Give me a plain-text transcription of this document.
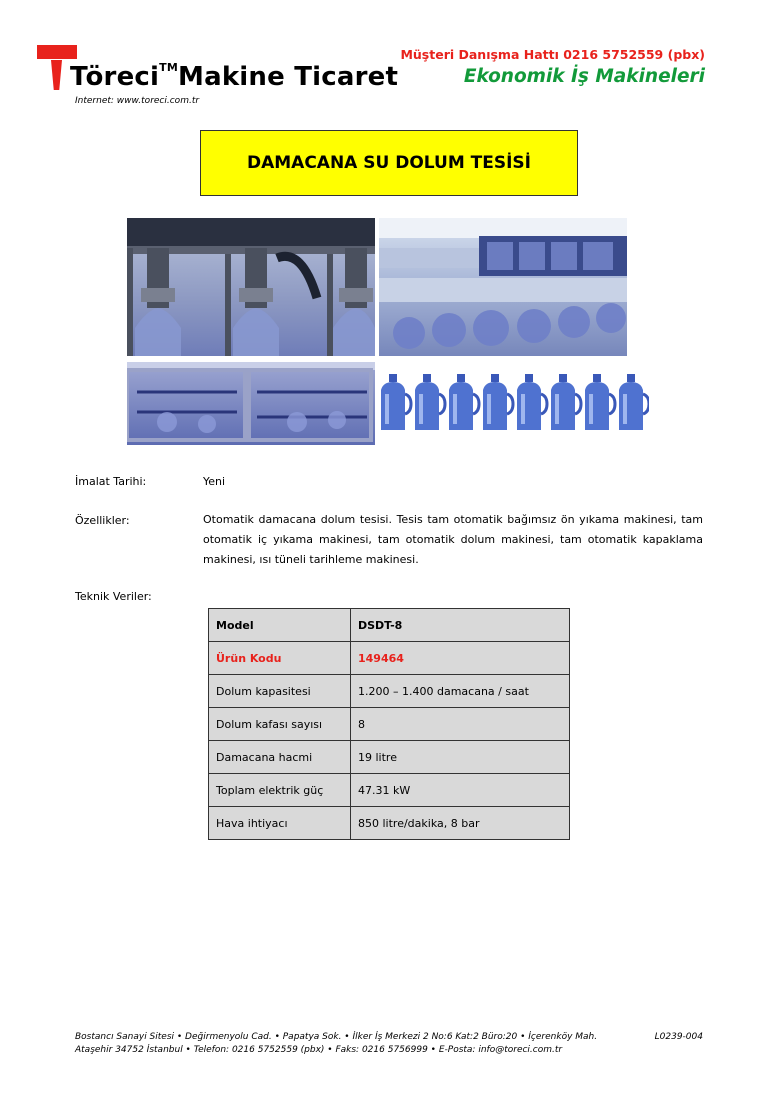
Töreci™Makine Ticaret
Internet: www.toreci.com.tr
Müşteri Danışma Hattı 0216 5752559 (pbx)
Ekonomik İş Makineleri
DAMACANA SU DOLUM TESİSİ
İmalat Tarihi:	Yeni
Özellikler:	Otomatik damacana dolum tesisi. Tesis tam otomatik bağımsız ön yıkama makinesi, tam otomatik iç yıkama makinesi, tam otomatik dolum makinesi, tam otomatik kapaklama makinesi, ısı tüneli tarihleme makinesi.
Teknik Veriler:
Model	DSDT-8
Ürün Kodu	149464
Dolum kapasitesi	1.200 – 1.400 damacana / saat
Dolum kafası sayısı	8
Damacana hacmi	19 litre
Toplam elektrik güç	47.31 kW
Hava ihtiyacı	850 litre/dakika, 8 bar
Bostancı Sanayi Sitesi • Değirmenyolu Cad. • Papatya Sok. • İlker İş Merkezi 2 No:6 Kat:2 Büro:20 • İçerenköy Mah.
Ataşehir 34752 İstanbul • Telefon: 0216 5752559 (pbx) • Faks: 0216 5756999 • E-Posta: info@toreci.com.tr
L0239-004
